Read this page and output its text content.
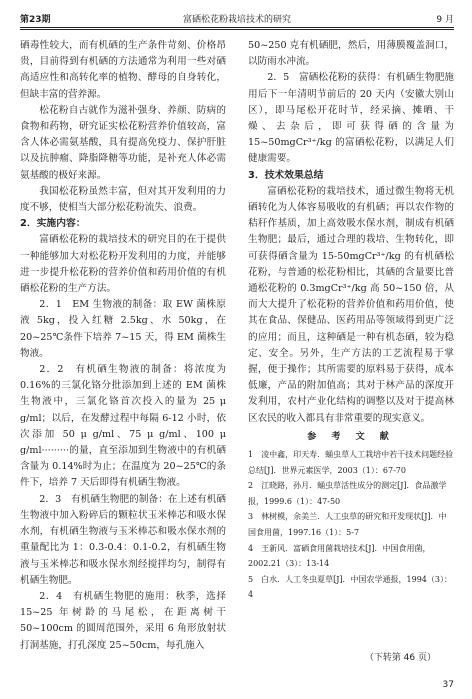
第23期	富硒松花粉栽培技术的研究	9 月
硒毒性较大，而有机硒的生产条件苛刻、价格昂贵，目前得到有机硒的方法通常为利用一些对硒高适应性和高转化率的植物、酵母的自身转化，但缺丰富的营养源。
松花粉自古就作为滋补强身、养颜、防病的食物和药物，研究证实松花粉营养价值较高，富含人体必需氨基酸，具有提高免疫力、保护肝脏以及抗肿瘤、降脂降糖等功能，是补充人体必需氨基酸的极好来源。
我国松花粉虽然丰富，但对其开发利用的力度不够，使相当大部分松花粉流失、浪费。
2．实施内容：
富硒松花粉的栽培技术的研究目的在于提供一种能够加大对松花粉开发利用的力度，并能够进一步提升松花粉的营养价值和药用价值的有机硒松花粉的生产方法。
2．1　EM 生物液的制备：取 EW 菌株原液 5kg，投入红糖 2.5kg、水 50kg，在 20~25℃条件下培养 7~15 天，得 EM 菌株生物液。
2．2　有机硒生物液的制备：将浓度为 0.16%的三氯化铬分批添加到上述的 EM 菌株生物液中，三氯化铬首次投入的量为 25 μ g/ml；以后，在发酵过程中每隔 6-12 小时，依次添加 50 μ g/ml、75 μ g/ml、100 μ g/ml·········的量，直至添加到生物液中的有机硒含量为 0.14%时为止；在温度为 20~25℃的条件下，培养 7 天后即得有机硒生物液。
2．3　有机硒生物肥的制备：在上述有机硒生物液中加入粉碎后的颗粒状玉米棒芯和吸水保水剂，有机硒生物液与玉米棒芯和吸水保水剂的重量配比为 1：0.3-0.4：0.1-0.2，有机硒生物液与玉米棒芯和吸水保水剂经搅拌均匀，制得有机硒生物肥。
2．4　有机硒生物肥的施用：秋季，选择 15~25 年树龄的马尾松，在距离树干 50~100cm 的圆周范围外，采用 6 角形放射状打洞基施，打孔深度 25~50cm，每孔施入
50~250 克有机硒肥，然后，用薄膜覆盖洞口，以防雨水冲流。
2．5　富硒松花粉的获得：有机硒生物肥施用后下一年清明节前后的 20 天内（安徽大别山区），即马尾松开花时节，经采摘、摊晒、干燥、去杂后，即可获得硒的含量为 15~50mgCr³⁺/kg 的富硒松花粉，以满足人们健康需要。
3．技术效果总结
富硒松花粉的栽培技术，通过微生物将无机硒转化为人体容易吸收的有机硒；再以农作物的秸秆作基质，加上高效吸水保水剂，制成有机硒生物肥；最后，通过合理的栽培、生物转化，即可获得硒含量为 15-50mgCr³⁺/kg 的有机硒松花粉，与普通的松花粉相比，其硒的含量要比普通松花粉的 0.3mgCr³⁺/kg 高 50~150 倍，从而大大提升了松花粉的营养价值和药用价值，使其在食品、保健品、医药用品等领域得到更广泛的应用；而且，这种硒是一种有机态硒，较为稳定、安全。另外，生产方法的工艺流程易于掌握，便于操作；其所需要的原料易于获得，成本低廉，产品的附加值高；其对于林产品的深度开发利用，农村产业化结构的调整以及对于提高林区农民的收入都具有非常重要的现实意义。
参 考 文 献
1　凌中鑫，印天寿．蛹虫草人工栽培中若干技术问题经验总结[J]．世界元素医学，2003（1）：67-70
2　江晓路，孙月．蛹虫草活性成分的测定[J]．食品激学报，1999.6（1）：47-50
3　林树模，余美兰．人工虫草的研究和开发现状[J]．中国食用菌，1997.16（1）：5-7
4　王新风．富硒食用菌栽培技术[J]．中国食用菌，2002.21（3）：13-14
5　白水．人工冬虫夏草[J]．中国农学通报，1994（3）：4
（下转第 46 页）
37
